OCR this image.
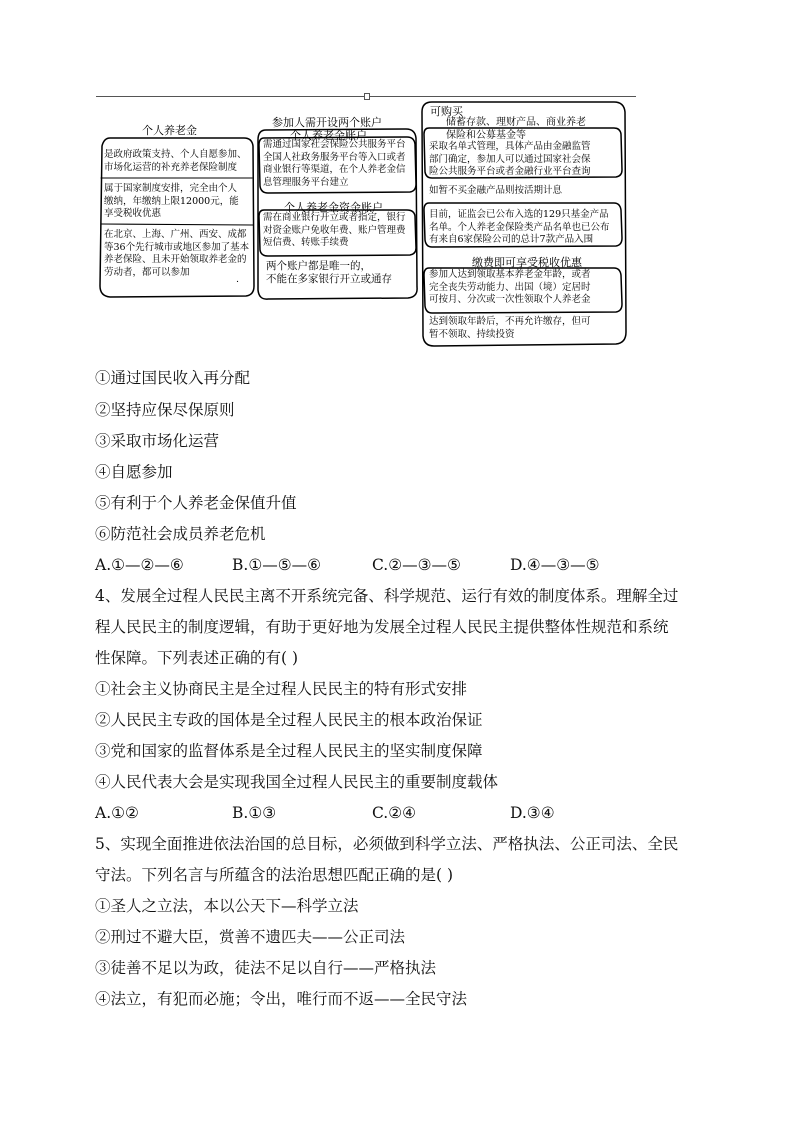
个人养老金
是政府政策支持、个人自愿参加、
市场化运营的补充养老保险制度
属于国家制度安排，完全由个人
缴纳，年缴纳上限12000元，能
享受税收优惠
在北京、上海、广州、西安、成都
等36个先行城市或地区参加了基本
养老保险、且未开始领取养老金的
劳动者，都可以参加
.
参加人需开设两个账户
个人养老金账户
需通过国家社会保险公共服务平台
全国人社政务服务平台等入口或者
商业银行等渠道，在个人养老金信
息管理服务平台建立
个人养老金资金账户
需在商业银行开立或者指定，银行
对资金账户免收年费、账户管理费
短信费、转账手续费
两个账户都是唯一的，
不能在多家银行开立或通存
可购买
储蓄存款、理财产品、商业养老
保险和公募基金等
采取名单式管理，具体产品由金融监管
部门确定，参加人可以通过国家社会保
险公共服务平台或者金融行业平台查询
如暂不买金融产品则按活期计息
目前，证监会已公布入选的129只基金产品
名单。个人养老金保险类产品名单也已公布
有来自6家保险公司的总计7款产品入围
缴费即可享受税收优惠
参加人达到领取基本养老金年龄，或者
完全丧失劳动能力、出国（境）定居时
可按月、分次或一次性领取个人养老金
达到领取年龄后，不再允许缴存，但可
暂不领取、持续投资
①通过国民收入再分配
②坚持应保尽保原则
③采取市场化运营
④自愿参加
⑤有利于个人养老金保值升值
⑥防范社会成员养老危机
A.①—②—⑥	B.①—⑤—⑥	C.②—③—⑤	D.④—③—⑤
4、发展全过程人民民主离不开系统完备、科学规范、运行有效的制度体系。理解全过
程人民民主的制度逻辑，有助于更好地为发展全过程人民民主提供整体性规范和系统
性保障。下列表述正确的有( )
①社会主义协商民主是全过程人民民主的特有形式安排
②人民民主专政的国体是全过程人民民主的根本政治保证
③党和国家的监督体系是全过程人民民主的坚实制度保障
④人民代表大会是实现我国全过程人民民主的重要制度载体
A.①②	B.①③	C.②④	D.③④
5、实现全面推进依法治国的总目标，必须做到科学立法、严格执法、公正司法、全民
守法。下列名言与所蕴含的法治思想匹配正确的是( )
①圣人之立法，本以公天下—科学立法
②刑过不避大臣，赏善不遗匹夫——公正司法
③徒善不足以为政，徒法不足以自行——严格执法
④法立，有犯而必施；令出，唯行而不返——全民守法
